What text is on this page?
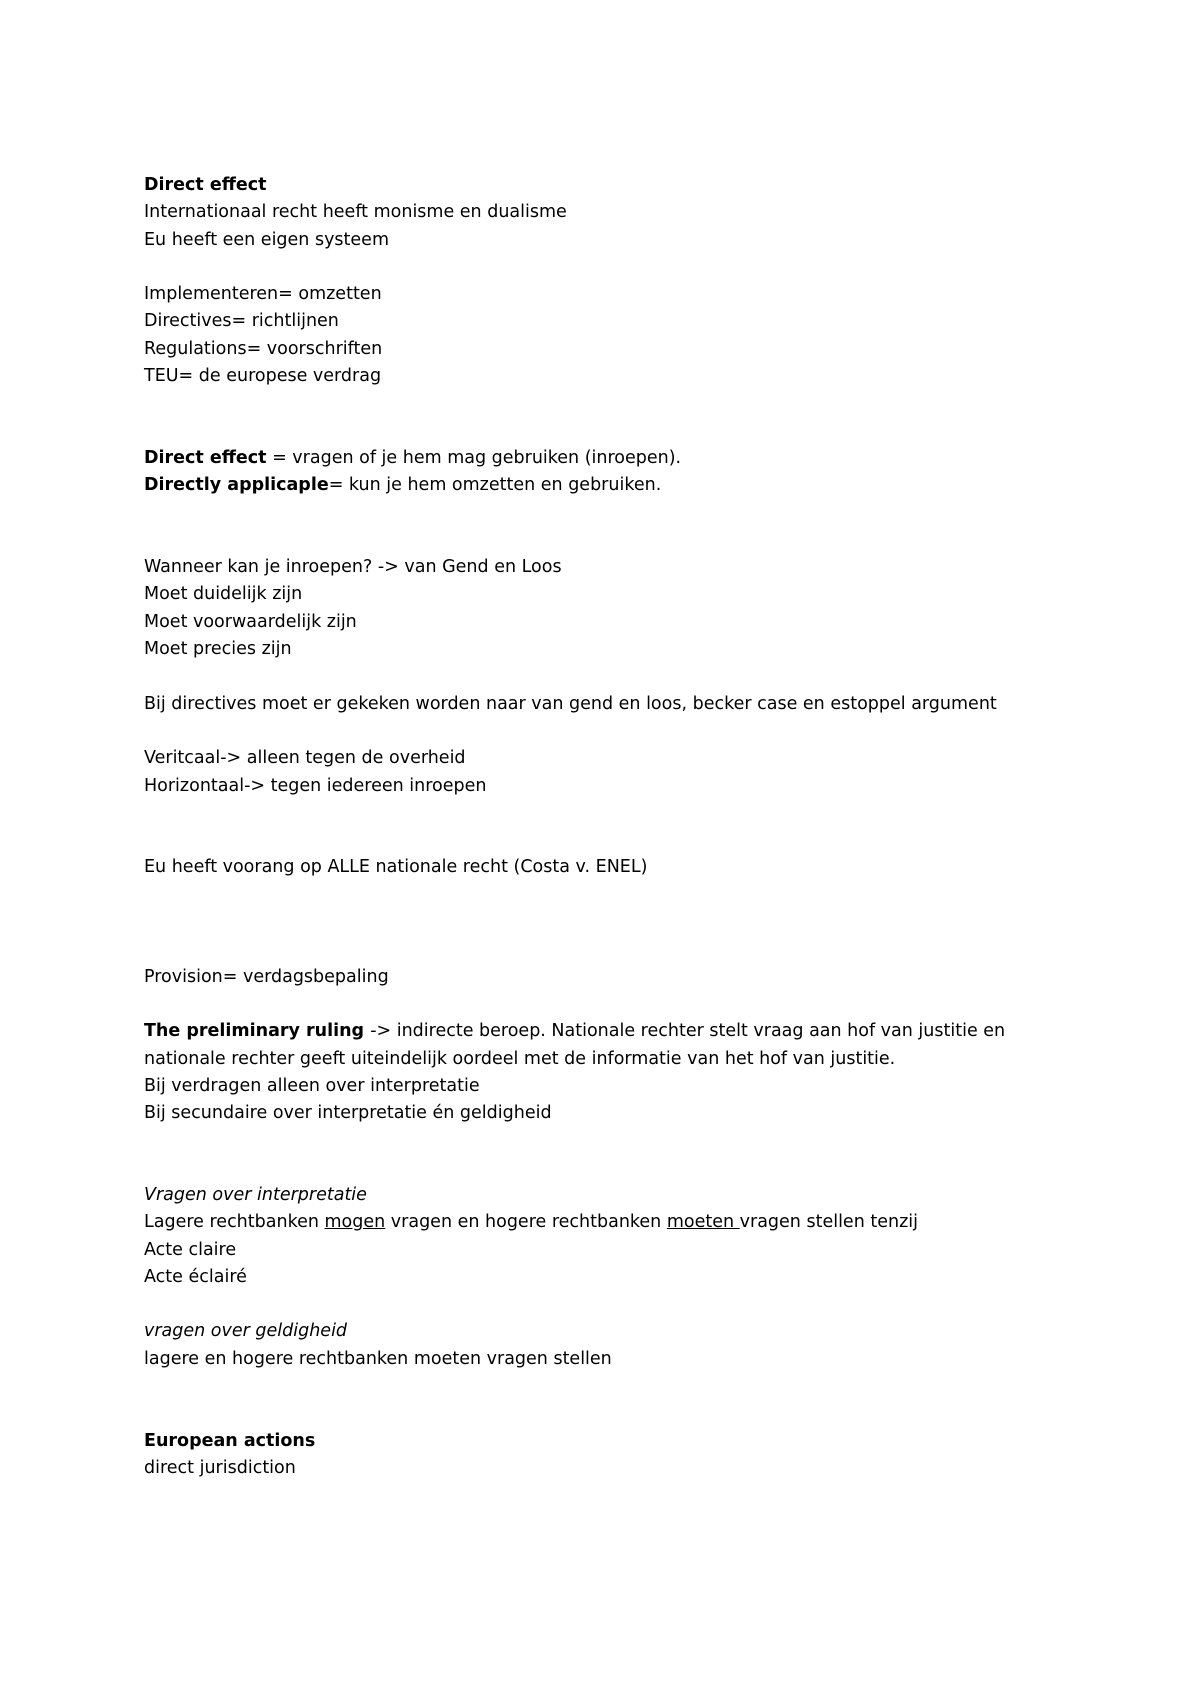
Direct effect
Internationaal recht heeft monisme en dualisme
Eu heeft een eigen systeem
Implementeren= omzetten
Directives= richtlijnen
Regulations= voorschriften
TEU= de europese verdrag
Direct effect = vragen of je hem mag gebruiken (inroepen).
Directly applicaple= kun je hem omzetten en gebruiken.
Wanneer kan je inroepen? -> van Gend en Loos
Moet duidelijk zijn
Moet voorwaardelijk zijn
Moet precies zijn
Bij directives moet er gekeken worden naar van gend en loos, becker case en estoppel argument
Veritcaal-> alleen tegen de overheid
Horizontaal-> tegen iedereen inroepen
Eu heeft voorang op ALLE nationale recht (Costa v. ENEL)
Provision= verdagsbepaling
The preliminary ruling -> indirecte beroep. Nationale rechter stelt vraag aan hof van justitie en
nationale rechter geeft uiteindelijk oordeel met de informatie van het hof van justitie.
Bij verdragen alleen over interpretatie
Bij secundaire over interpretatie én geldigheid
Vragen over interpretatie
Lagere rechtbanken mogen vragen en hogere rechtbanken moeten vragen stellen tenzij
Acte claire
Acte éclairé
vragen over geldigheid
lagere en hogere rechtbanken moeten vragen stellen
European actions
direct jurisdiction
